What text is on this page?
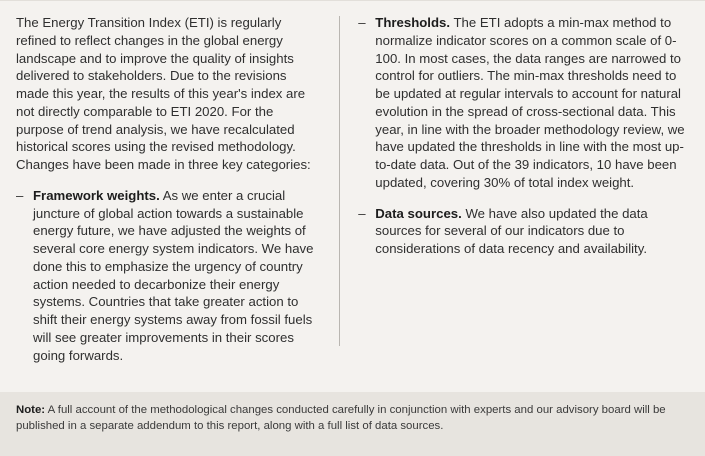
The Energy Transition Index (ETI) is regularly refined to reflect changes in the global energy landscape and to improve the quality of insights delivered to stakeholders. Due to the revisions made this year, the results of this year's index are not directly comparable to ETI 2020. For the purpose of trend analysis, we have recalculated historical scores using the revised methodology. Changes have been made in three key categories:

– Framework weights. As we enter a crucial juncture of global action towards a sustainable energy future, we have adjusted the weights of several core energy system indicators. We have done this to emphasize the urgency of country action needed to decarbonize their energy systems. Countries that take greater action to shift their energy systems away from fossil fuels will see greater improvements in their scores going forwards.
– Thresholds. The ETI adopts a min-max method to normalize indicator scores on a common scale of 0-100. In most cases, the data ranges are narrowed to control for outliers. The min-max thresholds need to be updated at regular intervals to account for natural evolution in the spread of cross-sectional data. This year, in line with the broader methodology review, we have updated the thresholds in line with the most up-to-date data. Out of the 39 indicators, 10 have been updated, covering 30% of total index weight.
– Data sources. We have also updated the data sources for several of our indicators due to considerations of data recency and availability.

Note: A full account of the methodological changes conducted carefully in conjunction with experts and our advisory board will be published in a separate addendum to this report, along with a full list of data sources.
